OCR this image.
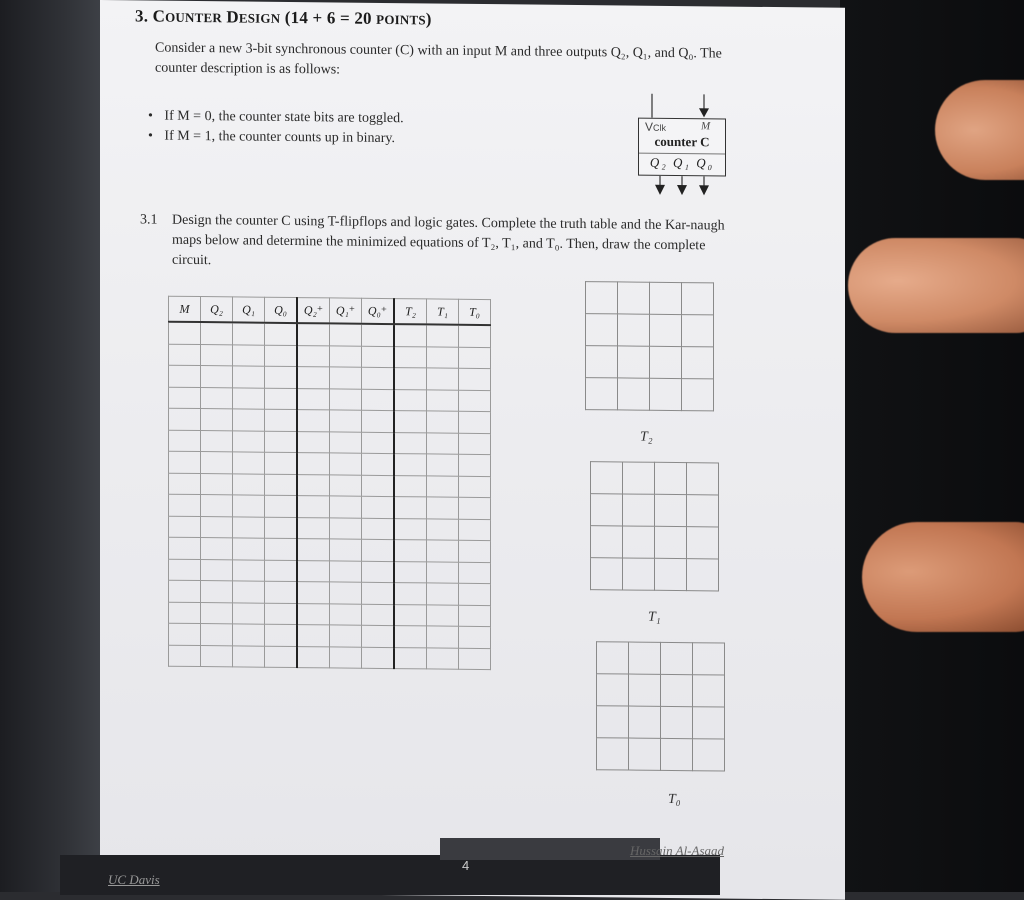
3. COUNTER DESIGN (14 + 6 = 20 POINTS)
Consider a new 3-bit synchronous counter (C) with an input M and three outputs Q₂, Q₁, and Q₀. The counter description is as follows:
• If M = 0, the counter state bits are toggled.
• If M = 1, the counter counts up in binary.
VClk	M
counter C
Q₂ Q₁ Q₀
3.1 Design the counter C using T-flipflops and logic gates. Complete the truth table and the Kar-naugh maps below and determine the minimized equations of T₂, T₁, and T₀. Then, draw the complete circuit.
M	Q₂	Q₁	Q₀	Q₂⁺	Q₁⁺	Q₀⁺	T₂	T₁	T₀

T₂

T₁

T₀
UC Davis
4
Hussain Al-Asaad
